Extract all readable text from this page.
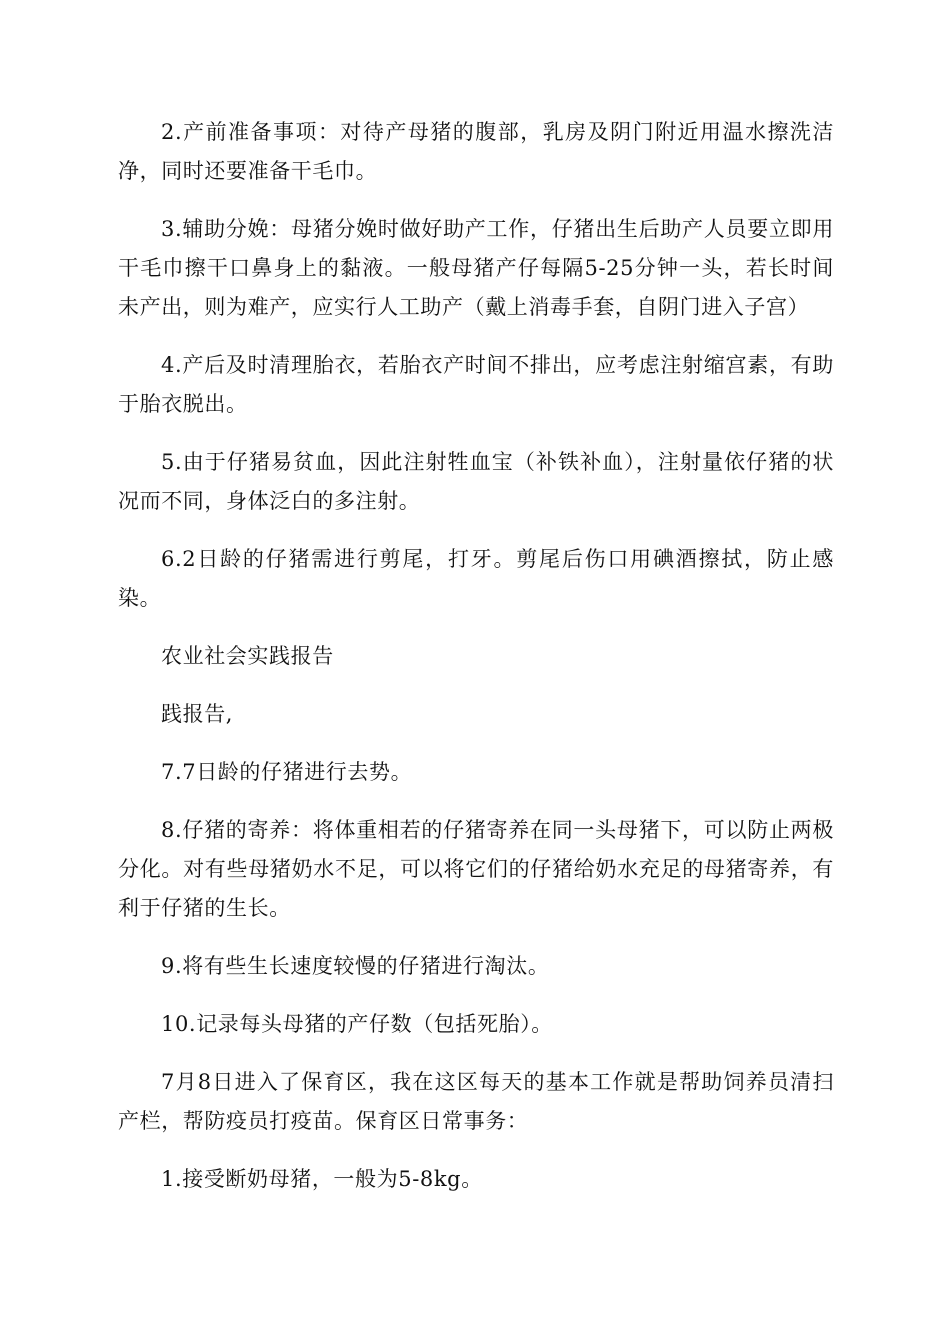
2.产前准备事项：对待产母猪的腹部，乳房及阴门附近用温水擦洗洁净，同时还要准备干毛巾。

3.辅助分娩：母猪分娩时做好助产工作，仔猪出生后助产人员要立即用干毛巾擦干口鼻身上的黏液。一般母猪产仔每隔5-25分钟一头，若长时间未产出，则为难产，应实行人工助产（戴上消毒手套，自阴门进入子宫）

4.产后及时清理胎衣，若胎衣产时间不排出，应考虑注射缩宫素，有助于胎衣脱出。

5.由于仔猪易贫血，因此注射牲血宝（补铁补血），注射量依仔猪的状况而不同，身体泛白的多注射。

6.2日龄的仔猪需进行剪尾，打牙。剪尾后伤口用碘酒擦拭，防止感染。

农业社会实践报告

践报告,

7.7日龄的仔猪进行去势。

8.仔猪的寄养：将体重相若的仔猪寄养在同一头母猪下，可以防止两极分化。对有些母猪奶水不足，可以将它们的仔猪给奶水充足的母猪寄养，有利于仔猪的生长。

9.将有些生长速度较慢的仔猪进行淘汰。

10.记录每头母猪的产仔数（包括死胎）。

7月8日进入了保育区，我在这区每天的基本工作就是帮助饲养员清扫产栏，帮防疫员打疫苗。保育区日常事务：

1.接受断奶母猪，一般为5-8kg。
